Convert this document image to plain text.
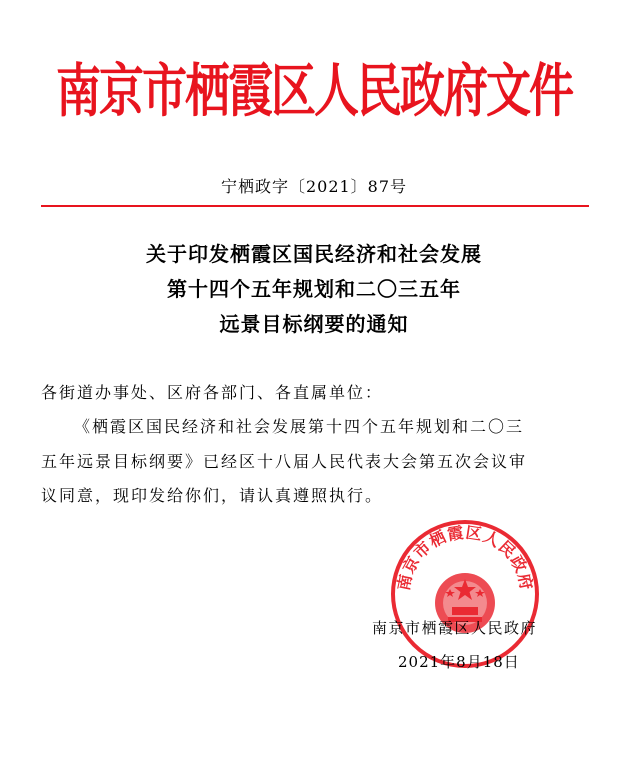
南京市栖霞区人民政府文件
宁栖政字〔2021〕87号
关于印发栖霞区国民经济和社会发展
第十四个五年规划和二〇三五年
远景目标纲要的通知
各街道办事处、区府各部门、各直属单位：
《栖霞区国民经济和社会发展第十四个五年规划和二〇三
五年远景目标纲要》已经区十八届人民代表大会第五次会议审
议同意，现印发给你们，请认真遵照执行。
南京市栖霞区人民政府
南京市栖霞区人民政府
2021年8月18日
